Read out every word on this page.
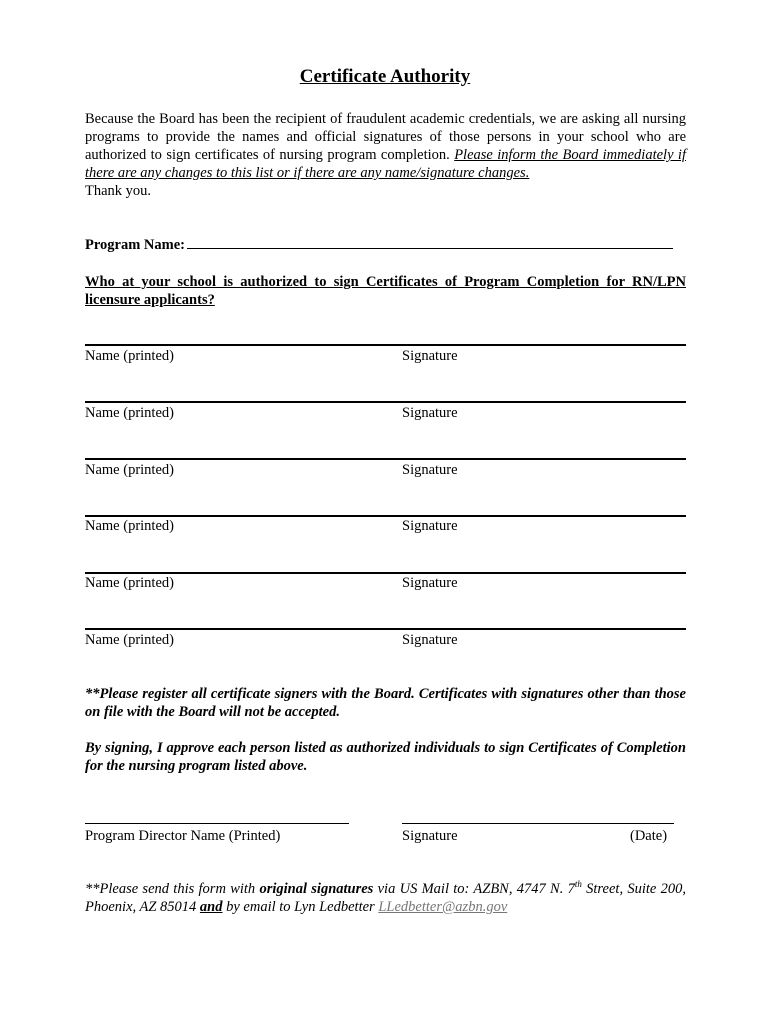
Certificate Authority
Because the Board has been the recipient of fraudulent academic credentials, we are asking all nursing programs to provide the names and official signatures of those persons in your school who are authorized to sign certificates of nursing program completion. Please inform the Board immediately if there are any changes to this list or if there are any name/signature changes.
Thank you.
Program Name:
Who at your school is authorized to sign Certificates of Program Completion for RN/LPN licensure applicants?
Name (printed)	Signature
Name (printed)	Signature
Name (printed)	Signature
Name (printed)	Signature
Name (printed)	Signature
Name (printed)	Signature
**Please register all certificate signers with the Board. Certificates with signatures other than those on file with the Board will not be accepted.
By signing, I approve each person listed as authorized individuals to sign Certificates of Completion for the nursing program listed above.
Program Director Name (Printed)	Signature	(Date)
**Please send this form with original signatures via US Mail to: AZBN, 4747 N. 7th Street, Suite 200, Phoenix, AZ 85014 and by email to Lyn Ledbetter LLedbetter@azbn.gov
